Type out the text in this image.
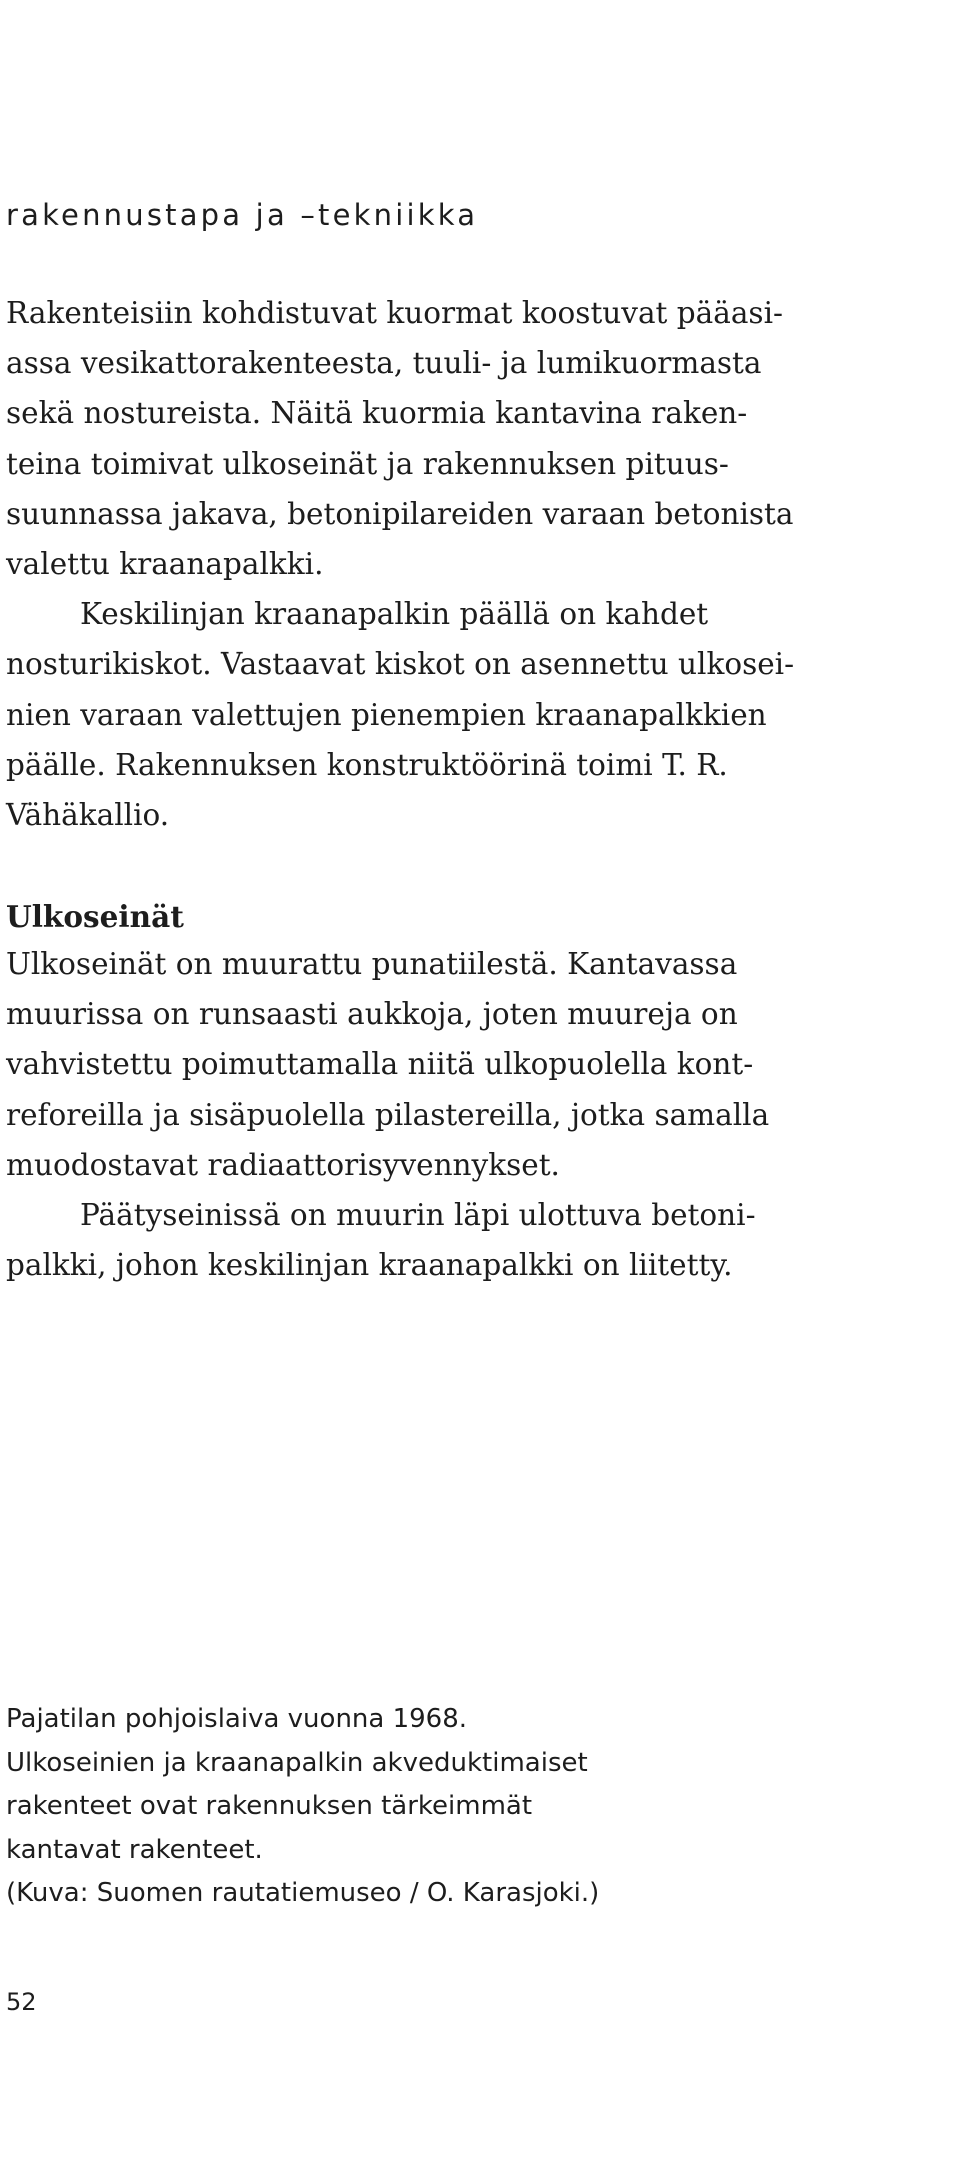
rakennustapa ja –tekniikka

Rakenteisiin kohdistuvat kuormat koostuvat pääasi-
assa vesikattorakenteesta, tuuli- ja lumikuormasta
sekä nostureista. Näitä kuormia kantavina raken-
teina toimivat ulkoseinät ja rakennuksen pituus-
suunnassa jakava, betonipilareiden varaan betonista
valettu kraanapalkki.
Keskilinjan kraanapalkin päällä on kahdet
nosturikiskot. Vastaavat kiskot on asennettu ulkosei-
nien varaan valettujen pienempien kraanapalkkien
päälle. Rakennuksen konstruktöörinä toimi T. R.
Vähäkallio.

Ulkoseinät

Ulkoseinät on muurattu punatiilestä. Kantavassa
muurissa on runsaasti aukkoja, joten muureja on
vahvistettu poimuttamalla niitä ulkopuolella kont-
reforeilla ja sisäpuolella pilastereilla, jotka samalla
muodostavat radiaattorisyvennykset.
Päätyseinissä on muurin läpi ulottuva betoni-
palkki, johon keskilinjan kraanapalkki on liitetty.

Pajatilan pohjoislaiva vuonna 1968.
Ulkoseinien ja kraanapalkin akveduktimaiset
rakenteet ovat rakennuksen tärkeimmät
kantavat rakenteet.
(Kuva: Suomen rautatiemuseo / O. Karasjoki.)

52
